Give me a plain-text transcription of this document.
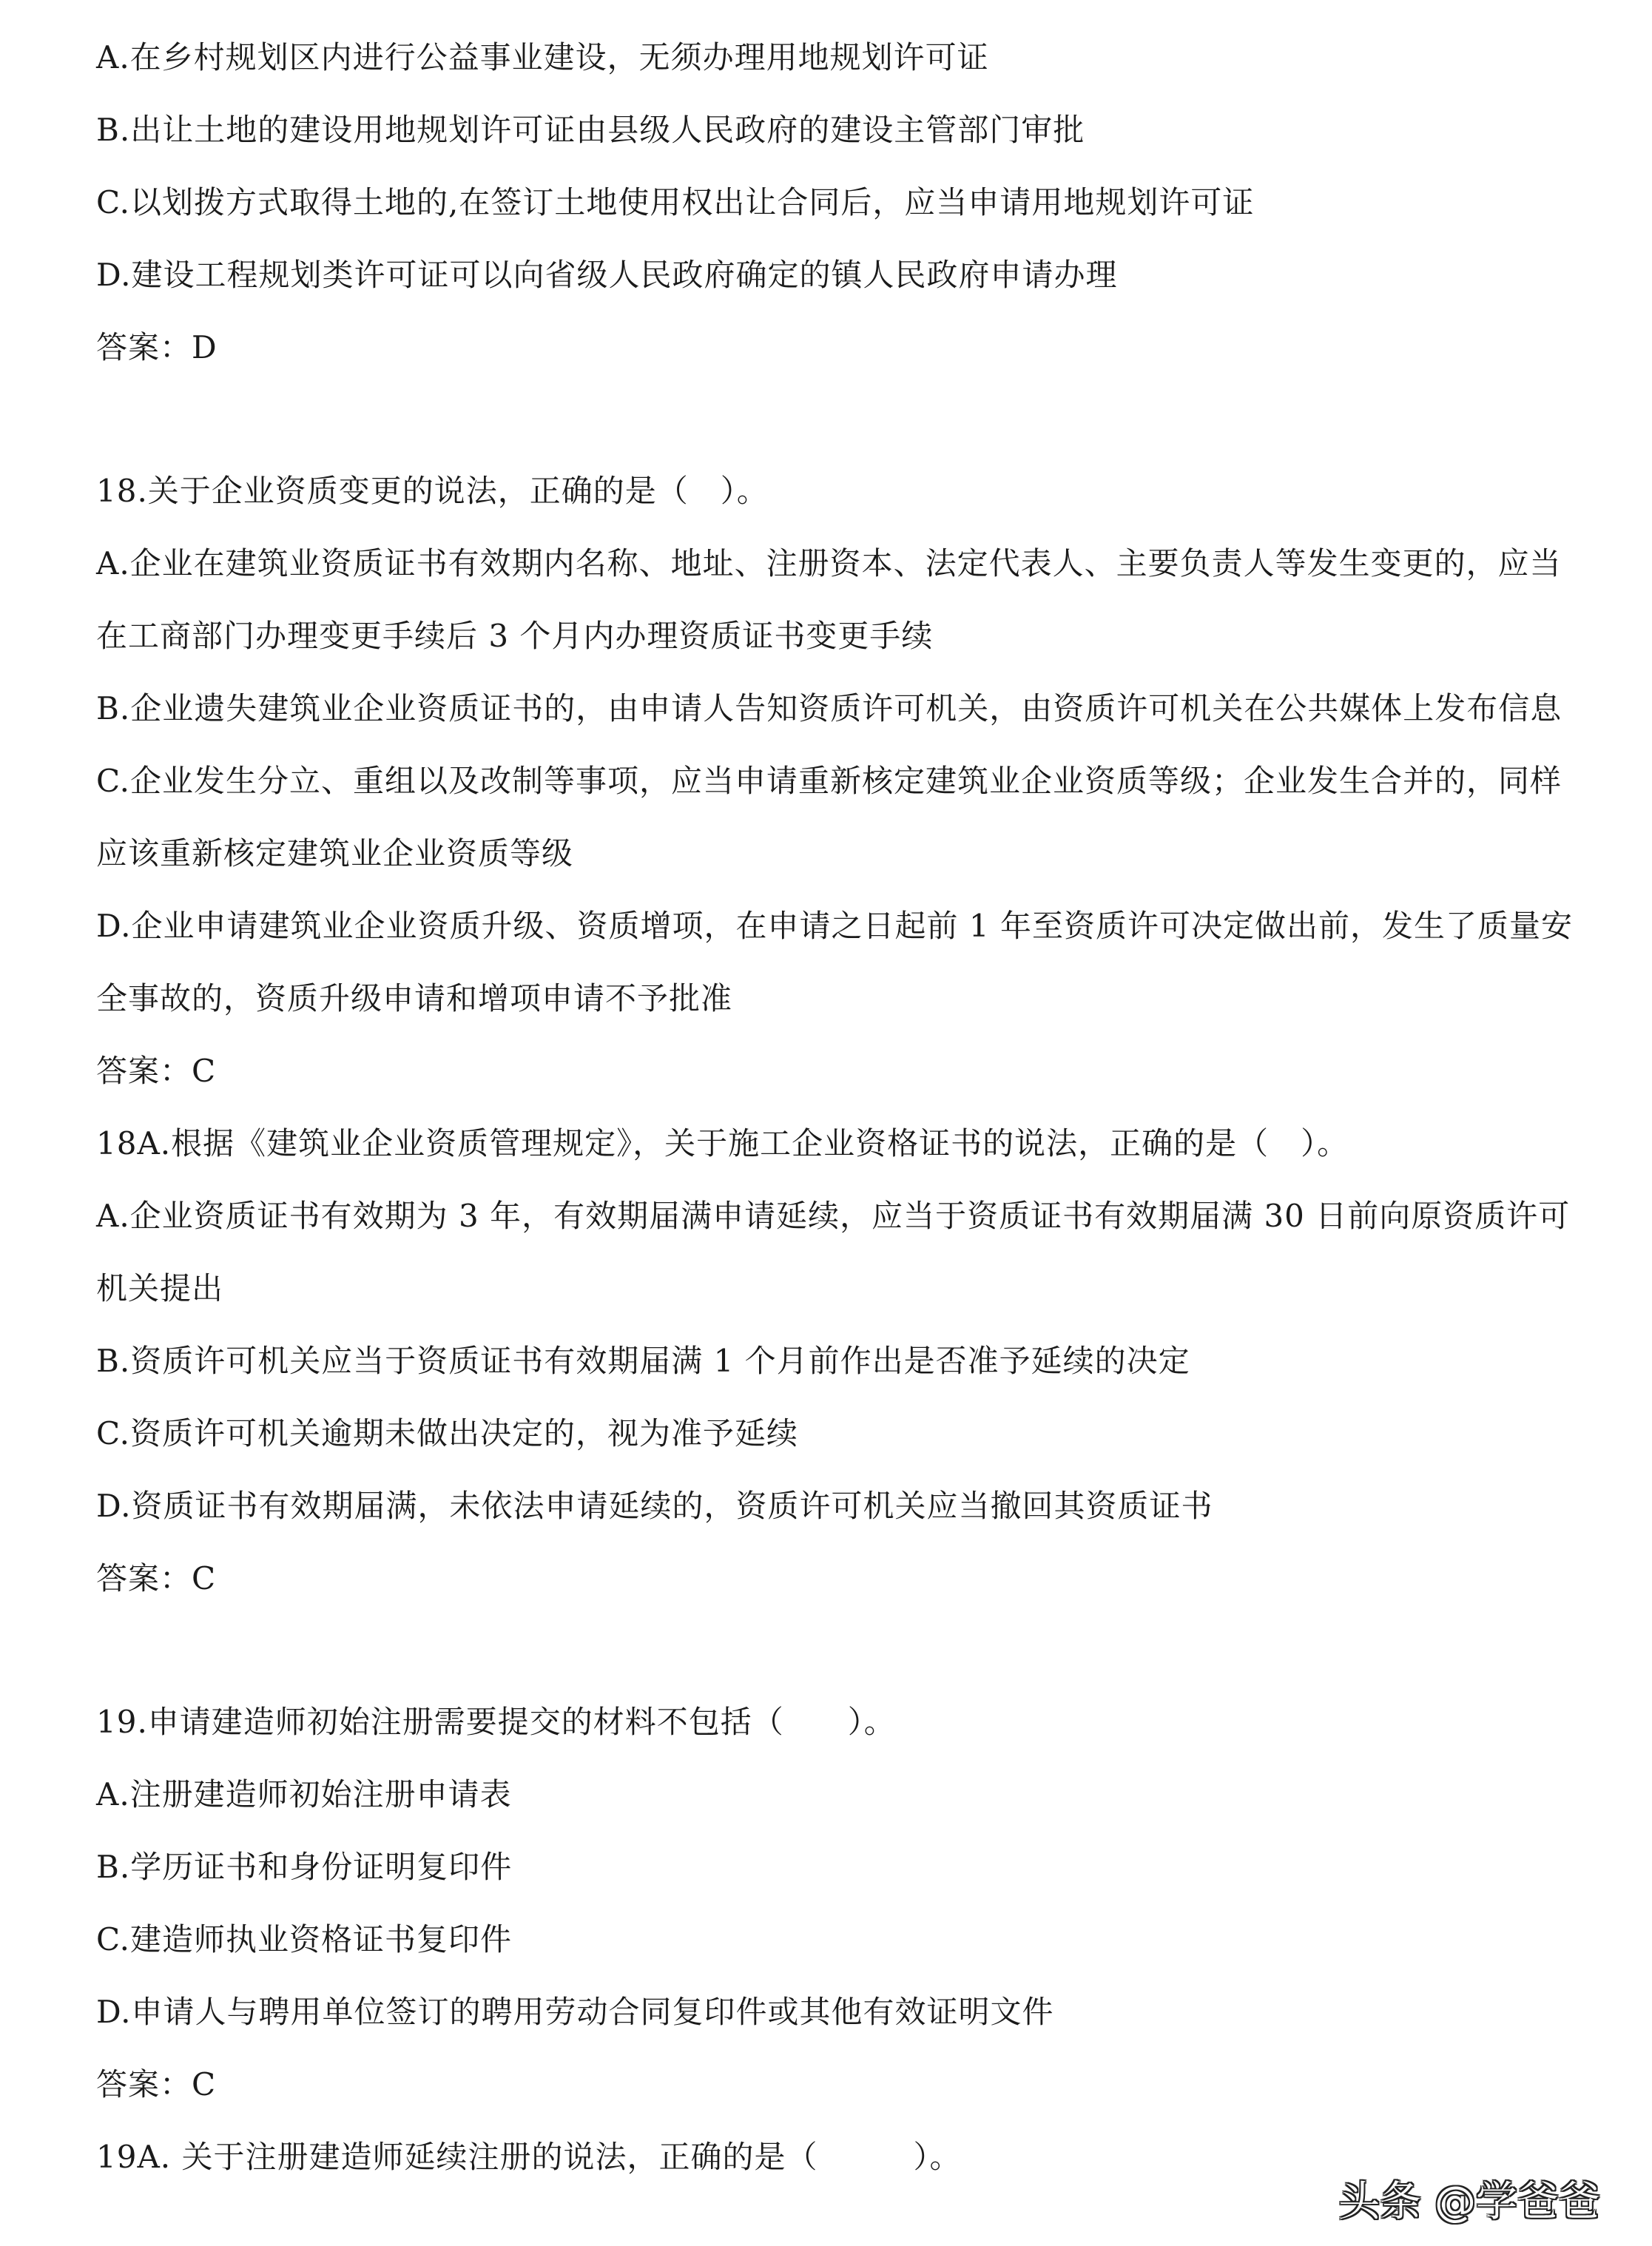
A.在乡村规划区内进行公益事业建设，无须办理用地规划许可证
B.出让土地的建设用地规划许可证由县级人民政府的建设主管部门审批
C.以划拨方式取得土地的,在签订土地使用权出让合同后，应当申请用地规划许可证
D.建设工程规划类许可证可以向省级人民政府确定的镇人民政府申请办理
答案：D
18.关于企业资质变更的说法，正确的是（　）。
A.企业在建筑业资质证书有效期内名称、地址、注册资本、法定代表人、主要负责人等发生变更的，应当
在工商部门办理变更手续后 3 个月内办理资质证书变更手续
B.企业遗失建筑业企业资质证书的，由申请人告知资质许可机关，由资质许可机关在公共媒体上发布信息
C.企业发生分立、重组以及改制等事项，应当申请重新核定建筑业企业资质等级；企业发生合并的，同样
应该重新核定建筑业企业资质等级
D.企业申请建筑业企业资质升级、资质增项，在申请之日起前 1 年至资质许可决定做出前，发生了质量安
全事故的，资质升级申请和增项申请不予批准
答案：C
18A.根据《建筑业企业资质管理规定》，关于施工企业资格证书的说法，正确的是（　）。
A.企业资质证书有效期为 3 年，有效期届满申请延续，应当于资质证书有效期届满 30 日前向原资质许可
机关提出
B.资质许可机关应当于资质证书有效期届满 1 个月前作出是否准予延续的决定
C.资质许可机关逾期未做出决定的，视为准予延续
D.资质证书有效期届满，未依法申请延续的，资质许可机关应当撤回其资质证书
答案：C
19.申请建造师初始注册需要提交的材料不包括（　　）。
A.注册建造师初始注册申请表
B.学历证书和身份证明复印件
C.建造师执业资格证书复印件
D.申请人与聘用单位签订的聘用劳动合同复印件或其他有效证明文件
答案：C
19A. 关于注册建造师延续注册的说法，正确的是（　　　）。
头条 @学爸爸
